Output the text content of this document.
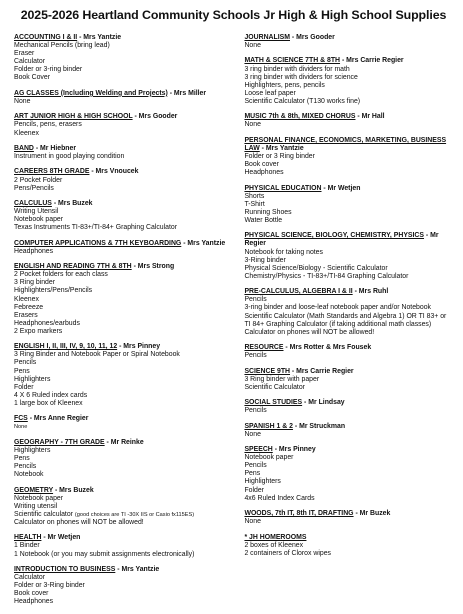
2025-2026 Heartland Community Schools Jr High & High School Supplies
ACCOUNTING I & II - Mrs Yantzie
Mechanical Pencils (bring lead)
Eraser
Calculator
Folder or 3-ring binder
Book Cover
AG CLASSES (Including Welding and Projects) - Mrs Miller
None
ART JUNIOR HIGH & HIGH SCHOOL - Mrs Gooder
Pencils, pens, erasers
Kleenex
BAND - Mr Hiebner
Instrument in good playing condition
CAREERS 8TH GRADE - Mrs Vnoucek
2 Pocket Folder
Pens/Pencils
CALCULUS - Mrs Buzek
Writing Utensil
Notebook paper
Texas Instruments TI-83+/TI-84+ Graphing Calculator
COMPUTER APPLICATIONS & 7TH KEYBOARDING - Mrs Yantzie
Headphones
ENGLISH AND READING 7TH & 8TH - Mrs Strong
2 Pocket folders for each class
3 Ring binder
Highlighters/Pens/Pencils
Kleenex
Febreeze
Erasers
Headphones/earbuds
2 Expo markers
ENGLISH I, II, III, IV, 9, 10, 11, 12 - Mrs Pinney
3 Ring Binder and Notebook Paper or Spiral Notebook
Pencils
Pens
Highlighters
Folder
4 X 6 Ruled index cards
1 large box of Kleenex
FCS - Mrs Anne Regier
None
GEOGRAPHY - 7TH GRADE - Mr Reinke
Highlighters
Pens
Pencils
Notebook
GEOMETRY - Mrs Buzek
Notebook paper
Writing utensil
Scientific calculator (good choices are TI -30X IIS or Casio fx115ES)
Calculator on phones will NOT be allowed!
HEALTH - Mr Wetjen
1 Binder
1 Notebook (or you may submit assignments electronically)
INTRODUCTION TO BUSINESS - Mrs Yantzie
Calculator
Folder or 3-Ring binder
Book cover
Headphones
JOURNALISM - Mrs Gooder
None
MATH & SCIENCE 7TH & 8TH - Mrs Carrie Regier
3 ring binder with dividers for math
3 ring binder with dividers for science
Highlighters, pens, pencils
Loose leaf paper
Scientific Calculator (T130 works fine)
MUSIC 7th & 8th, MIXED CHORUS - Mr Hall
None
PERSONAL FINANCE, ECONOMICS, MARKETING, BUSINESS LAW - Mrs Yantzie
Folder or 3 Ring binder
Book cover
Headphones
PHYSICAL EDUCATION - Mr Wetjen
Shorts
T-Shirt
Running Shoes
Water Bottle
PHYSICAL SCIENCE, BIOLOGY, CHEMISTRY, PHYSICS - Mr Regier
Notebook for taking notes
3-Ring binder
Physical Science/Biology - Scientific Calculator
Chemistry/Physics - TI-83+/TI-84 Graphing Calculator
PRE-CALCULUS, ALGEBRA I & II - Mrs Ruhl
Pencils
3-ring binder and loose-leaf notebook paper and/or Notebook Scientific Calculator (Math Standards and Algebra 1) OR TI 83+ or TI 84+ Graphing Calculator (if taking additional math classes) Calculator on phones will NOT be allowed!
RESOURCE - Mrs Rotter & Mrs Fousek
Pencils
SCIENCE 9TH - Mrs Carrie Regier
3 Ring binder with paper
Scientific Calculator
SOCIAL STUDIES - Mr Lindsay
Pencils
SPANISH 1 & 2 - Mr Struckman
None
SPEECH - Mrs Pinney
Notebook paper
Pencils
Pens
Highlighters
Folder
4x6 Ruled Index Cards
WOODS, 7th IT, 8th IT, DRAFTING - Mr Buzek
None
* JH HOMEROOMS
2 boxes of Kleenex
2 containers of Clorox wipes
